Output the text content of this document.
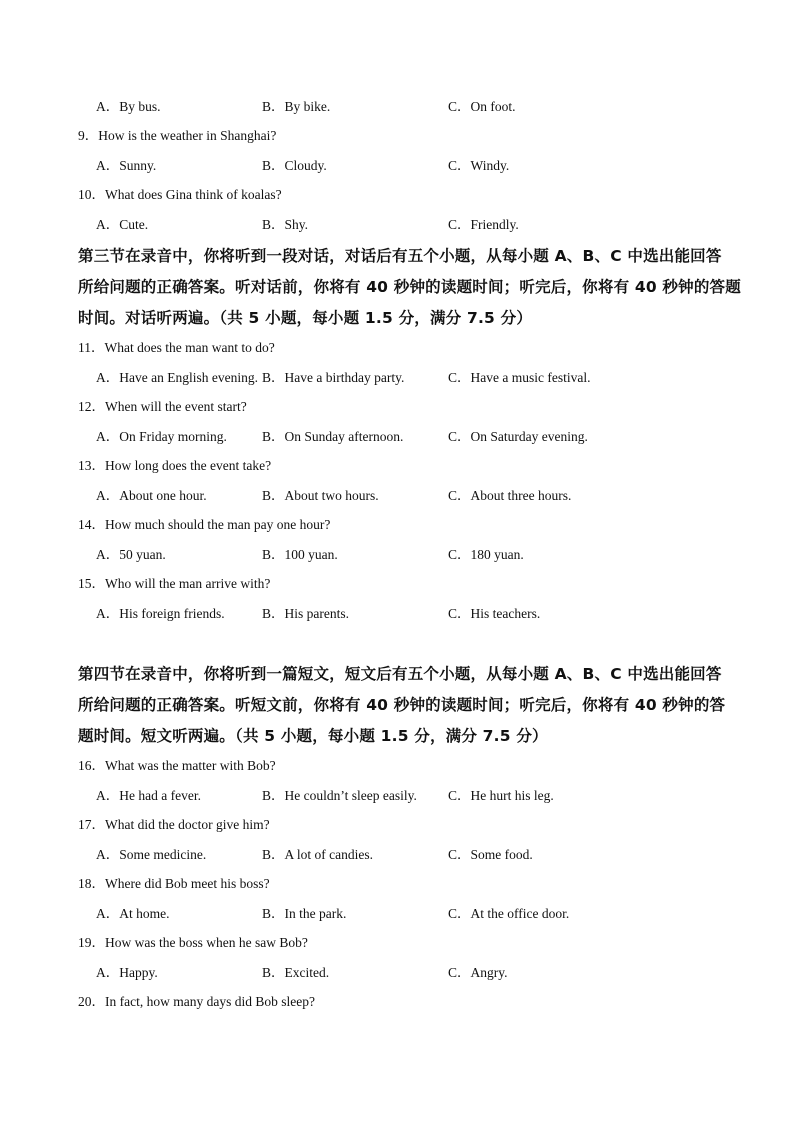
A．By bus.	B．By bike.	C．On foot.
9．How is the weather in Shanghai?
A．Sunny.	B．Cloudy.	C．Windy.
10．What does Gina think of koalas?
A．Cute.	B．Shy.	C．Friendly.
第三节在录音中，你将听到一段对话，对话后有五个小题，从每小题 A、B、C 中选出能回答
所给问题的正确答案。听对话前，你将有 40 秒钟的读题时间；听完后，你将有 40 秒钟的答题
时间。对话听两遍。（共 5 小题，每小题 1.5 分，满分 7.5 分）
11．What does the man want to do?
A．Have an English evening. B．Have a birthday party.	C．Have a music festival.
12．When will the event start?
A．On Friday morning.	B．On Sunday afternoon.	C．On Saturday evening.
13．How long does the event take?
A．About one hour.	B．About two hours.	C．About three hours.
14．How much should the man pay one hour?
A．50 yuan.	B．100 yuan.	C．180 yuan.
15．Who will the man arrive with?
A．His foreign friends.	B．His parents.	C．His teachers.
第四节在录音中，你将听到一篇短文，短文后有五个小题，从每小题 A、B、C 中选出能回答
所给问题的正确答案。听短文前，你将有 40 秒钟的读题时间；听完后，你将有 40 秒钟的答
题时间。短文听两遍。（共 5 小题，每小题 1.5 分，满分 7.5 分）
16．What was the matter with Bob?
A．He had a fever.	B．He couldn’t sleep easily. C．He hurt his leg.
17．What did the doctor give him?
A．Some medicine.	B．A lot of candies.	C．Some food.
18．Where did Bob meet his boss?
A．At home.	B．In the park.	C．At the office door.
19．How was the boss when he saw Bob?
A．Happy.	B．Excited.	C．Angry.
20．In fact, how many days did Bob sleep?
